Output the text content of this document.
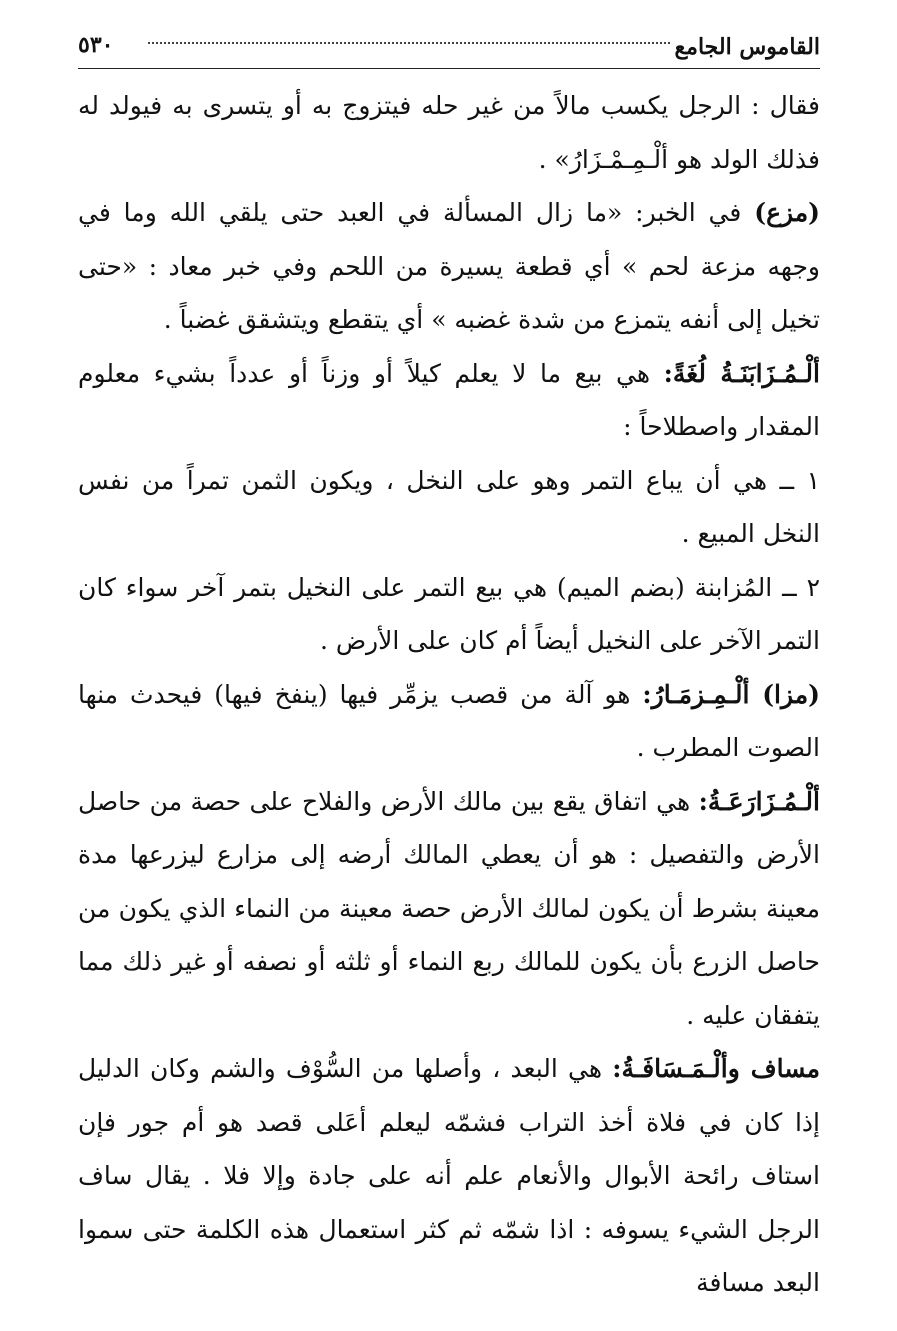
القاموس الجامع
٥٣٠

فقال : الرجل يكسب مالاً من غير حله فيتزوج به أو يتسرى به فيولد له فذلك الولد هو ألْـمِـمْـزَارُ» .

(مزع) في الخبر: «ما زال المسألة في العبد حتى يلقي الله وما في وجهه مزعة لحم » أي قطعة يسيرة من اللحم وفي خبر معاد : «حتى تخيل إلى أنفه يتمزع من شدة غضبه » أي يتقطع ويتشقق غضباً .

ألْـمُـزَابَنَـةُ لُغَةً: هي بيع ما لا يعلم كيلاً أو وزناً أو عدداً بشيء معلوم المقدار واصطلاحاً :

١ ــ هي أن يباع التمر وهو على النخل ، ويكون الثمن تمراً من نفس النخل المبيع .

٢ ــ المُزابنة (بضم الميم) هي بيع التمر على النخيل بتمر آخر سواء كان التمر الآخر على النخيل أيضاً أم كان على الأرض .

(مزا) ألْـمِـزمَـارُ: هو آلة من قصب يزمِّر فيها (ينفخ فيها) فيحدث منها الصوت المطرب .

ألْـمُـزَارَعَـةُ: هي اتفاق يقع بين مالك الأرض والفلاح على حصة من حاصل الأرض والتفصيل : هو أن يعطي المالك أرضه إلى مزارع ليزرعها مدة معينة بشرط أن يكون لمالك الأرض حصة معينة من النماء الذي يكون من حاصل الزرع بأن يكون للمالك ربع النماء أو ثلثه أو نصفه أو غير ذلك مما يتفقان عليه .

مساف وألْـمَـسَافَـةُ: هي البعد ، وأصلها من السُّوْف والشم وكان الدليل إذا كان في فلاة أخذ التراب فشمّه ليعلم أعَلى قصد هو أم جور فإن استاف رائحة الأبوال والأنعام علم أنه على جادة وإلا فلا . يقال ساف الرجل الشيء يسوفه : اذا شمّه ثم كثر استعمال هذه الكلمة حتى سموا البعد مسافة
